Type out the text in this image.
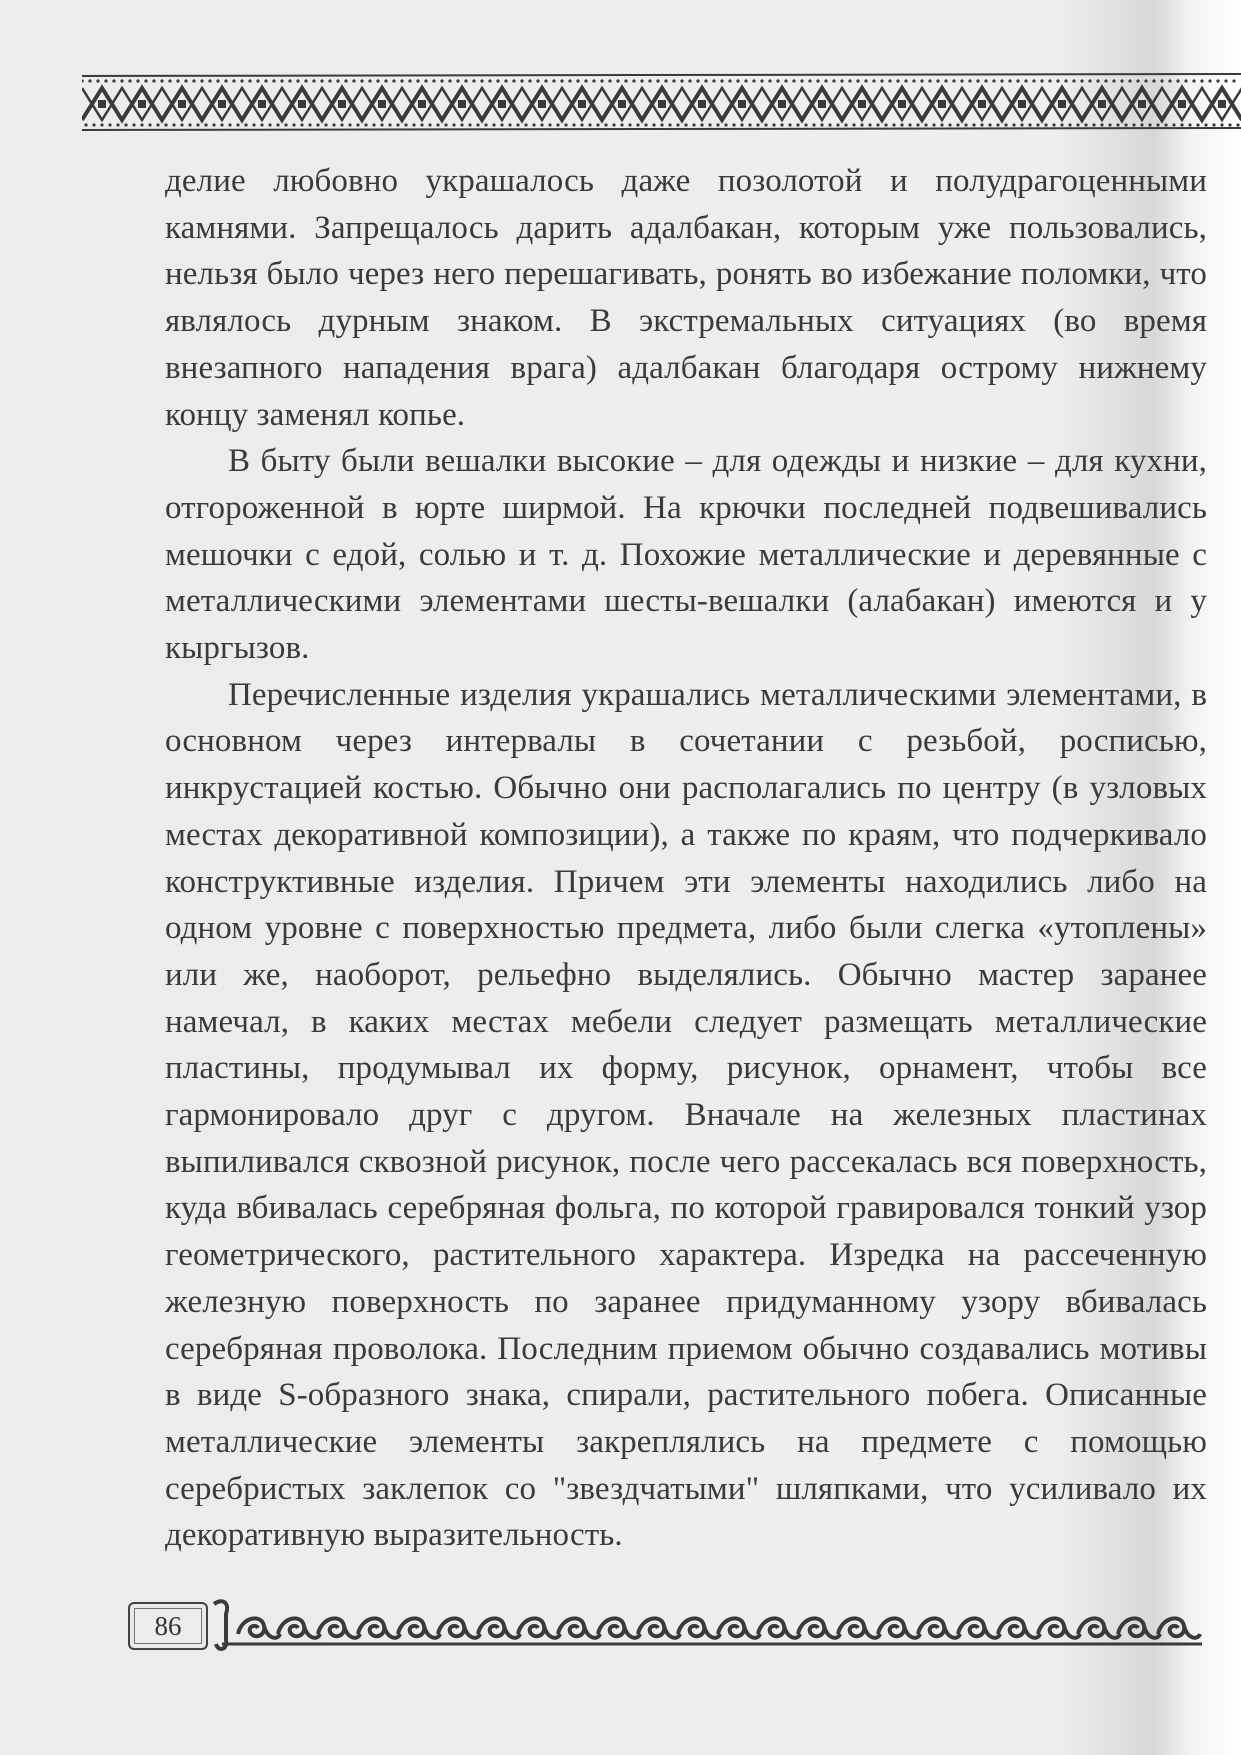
делие любовно украшалось даже позолотой и полудрагоценными камнями. Запрещалось дарить адалбакан, которым уже пользовались, нельзя было через него перешагивать, ронять во избежание поломки, что являлось дурным знаком. В экстремальных ситуациях (во время внезапного нападения врага) адалбакан благодаря острому нижнему концу заменял копье.

В быту были вешалки высокие – для одежды и низкие – для кухни, отгороженной в юрте ширмой. На крючки последней подвешивались мешочки с едой, солью и т. д. Похожие металлические и деревянные с металлическими элементами шесты-вешалки (алабакан) имеются и у кыргызов.

Перечисленные изделия украшались металлическими элементами, в основном через интервалы в сочетании с резьбой, росписью, инкрустацией костью. Обычно они располагались по центру (в узловых местах декоративной композиции), а также по краям, что подчеркивало конструктивные изделия. Причем эти элементы находились либо на одном уровне с поверхностью предмета, либо были слегка «утоплены» или же, наоборот, рельефно выделялись. Обычно мастер заранее намечал, в каких местах мебели следует размещать металлические пластины, продумывал их форму, рисунок, орнамент, чтобы все гармонировало друг с другом. Вначале на железных пластинах выпиливался сквозной рисунок, после чего рассекалась вся поверхность, куда вбивалась серебряная фольга, по которой гравировался тонкий узор геометрического, растительного характера. Изредка на рассеченную железную поверхность по заранее придуманному узору вбивалась серебряная проволока. Последним приемом обычно создавались мотивы в виде S-образного знака, спирали, растительного побега. Описанные металлические элементы закреплялись на предмете с помощью серебристых заклепок со "звездчатыми" шляпками, что усиливало их декоративную выразительность.

86
